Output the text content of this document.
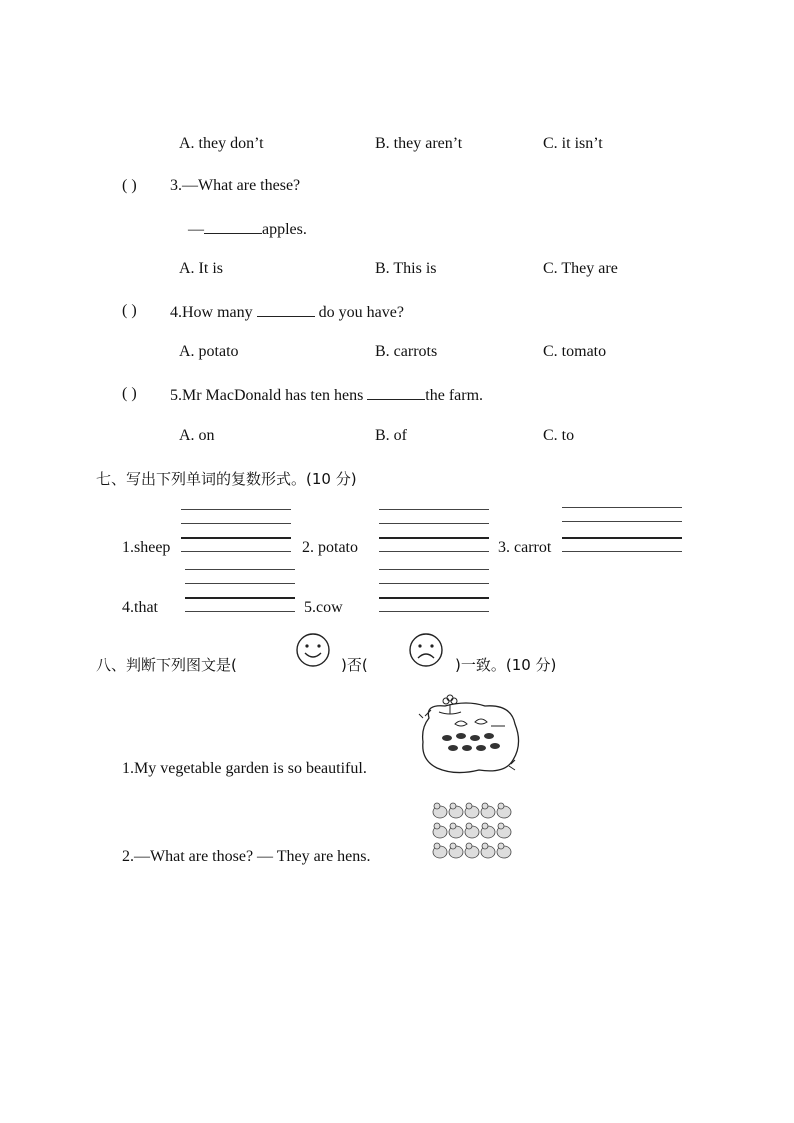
A. they don’t	B. they aren’t	C. it isn’t
( ) 3.—What are these?
—	apples.
A. It is	B. This is	C. They are
( ) 4.How many	do you have?
A. potato	B. carrots	C. tomato
( ) 5.Mr MacDonald has ten hens	the farm.
A. on	B. of	C. to
七、写出下列单词的复数形式。(10 分)
1.sheep	2. potato	3. carrot
4.that	5.cow
八、判断下列图文是(	)否(	)一致。(10 分)
1.My vegetable garden is so beautiful.
2.—What are those? — They are hens.
